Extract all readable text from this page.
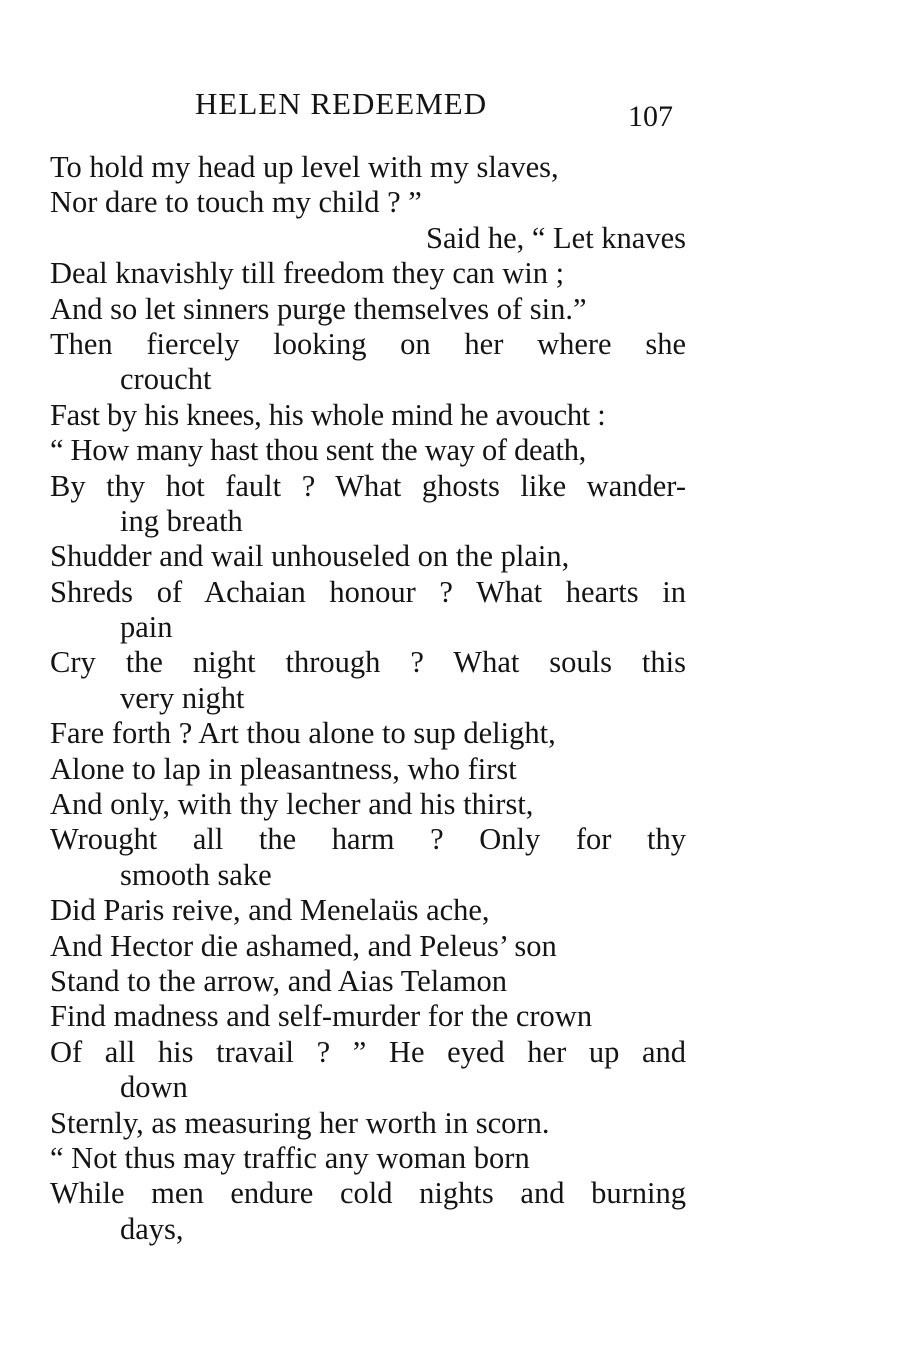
HELEN REDEEMED	107
To hold my head up level with my slaves,
Nor dare to touch my child ? ”
Said he, “ Let knaves
Deal knavishly till freedom they can win ;
And so let sinners purge themselves of sin.”
Then fiercely looking on her where she
croucht
Fast by his knees, his whole mind he avoucht :
“ How many hast thou sent the way of death,
By thy hot fault ? What ghosts like wander-
ing breath
Shudder and wail unhouseled on the plain,
Shreds of Achaian honour ? What hearts in
pain
Cry the night through ? What souls this
very night
Fare forth ? Art thou alone to sup delight,
Alone to lap in pleasantness, who first
And only, with thy lecher and his thirst,
Wrought all the harm ? Only for thy
smooth sake
Did Paris reive, and Menelaüs ache,
And Hector die ashamed, and Peleus’ son
Stand to the arrow, and Aias Telamon
Find madness and self-murder for the crown
Of all his travail ? ” He eyed her up and
down
Sternly, as measuring her worth in scorn.
“ Not thus may traffic any woman born
While men endure cold nights and burning
days,
